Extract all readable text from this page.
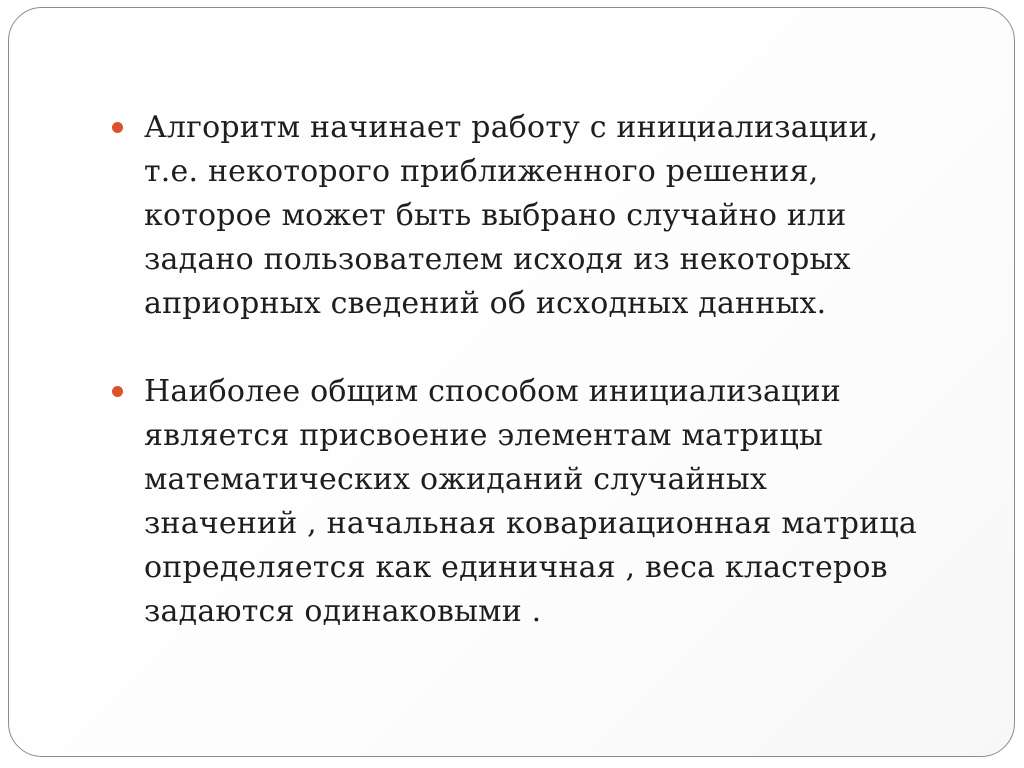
Алгоритм начинает работу с инициализации,
т.е. некоторого приближенного решения,
которое может быть выбрано случайно или
задано пользователем исходя из некоторых
априорных сведений об исходных данных.
Наиболее общим способом инициализации
является присвоение элементам матрицы
математических ожиданий случайных
значений , начальная ковариационная матрица
определяется как единичная , веса кластеров
задаются одинаковыми .
